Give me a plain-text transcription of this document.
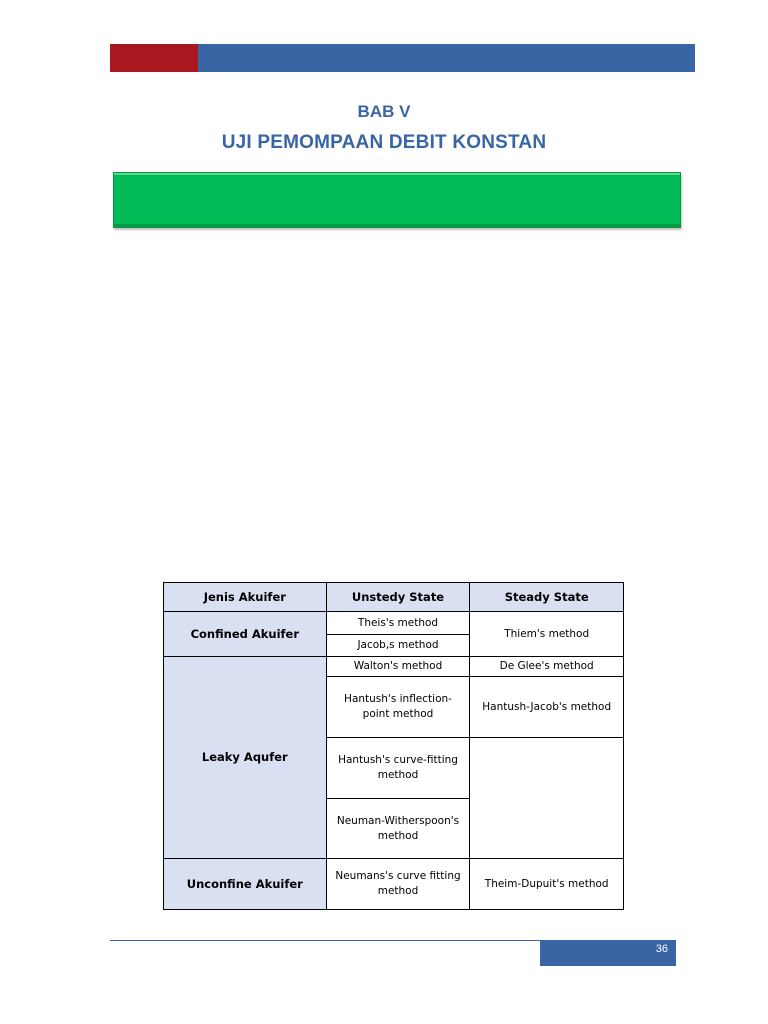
BAB V
UJI PEMOMPAAN DEBIT KONSTAN
Jenis Akuifer	Unstedy State	Steady State
Confined Akuifer	Theis's method	Thiem's method
	Jacob,s method	
Leaky Aqufer	Walton's method	De Glee's method
	Hantush's inflection-point method	Hantush-Jacob's method
	Hantush's curve-fitting method	
	Neuman-Witherspoon's method	
Unconfine Akuifer	Neumans's curve fitting method	Theim-Dupuit's method
36
